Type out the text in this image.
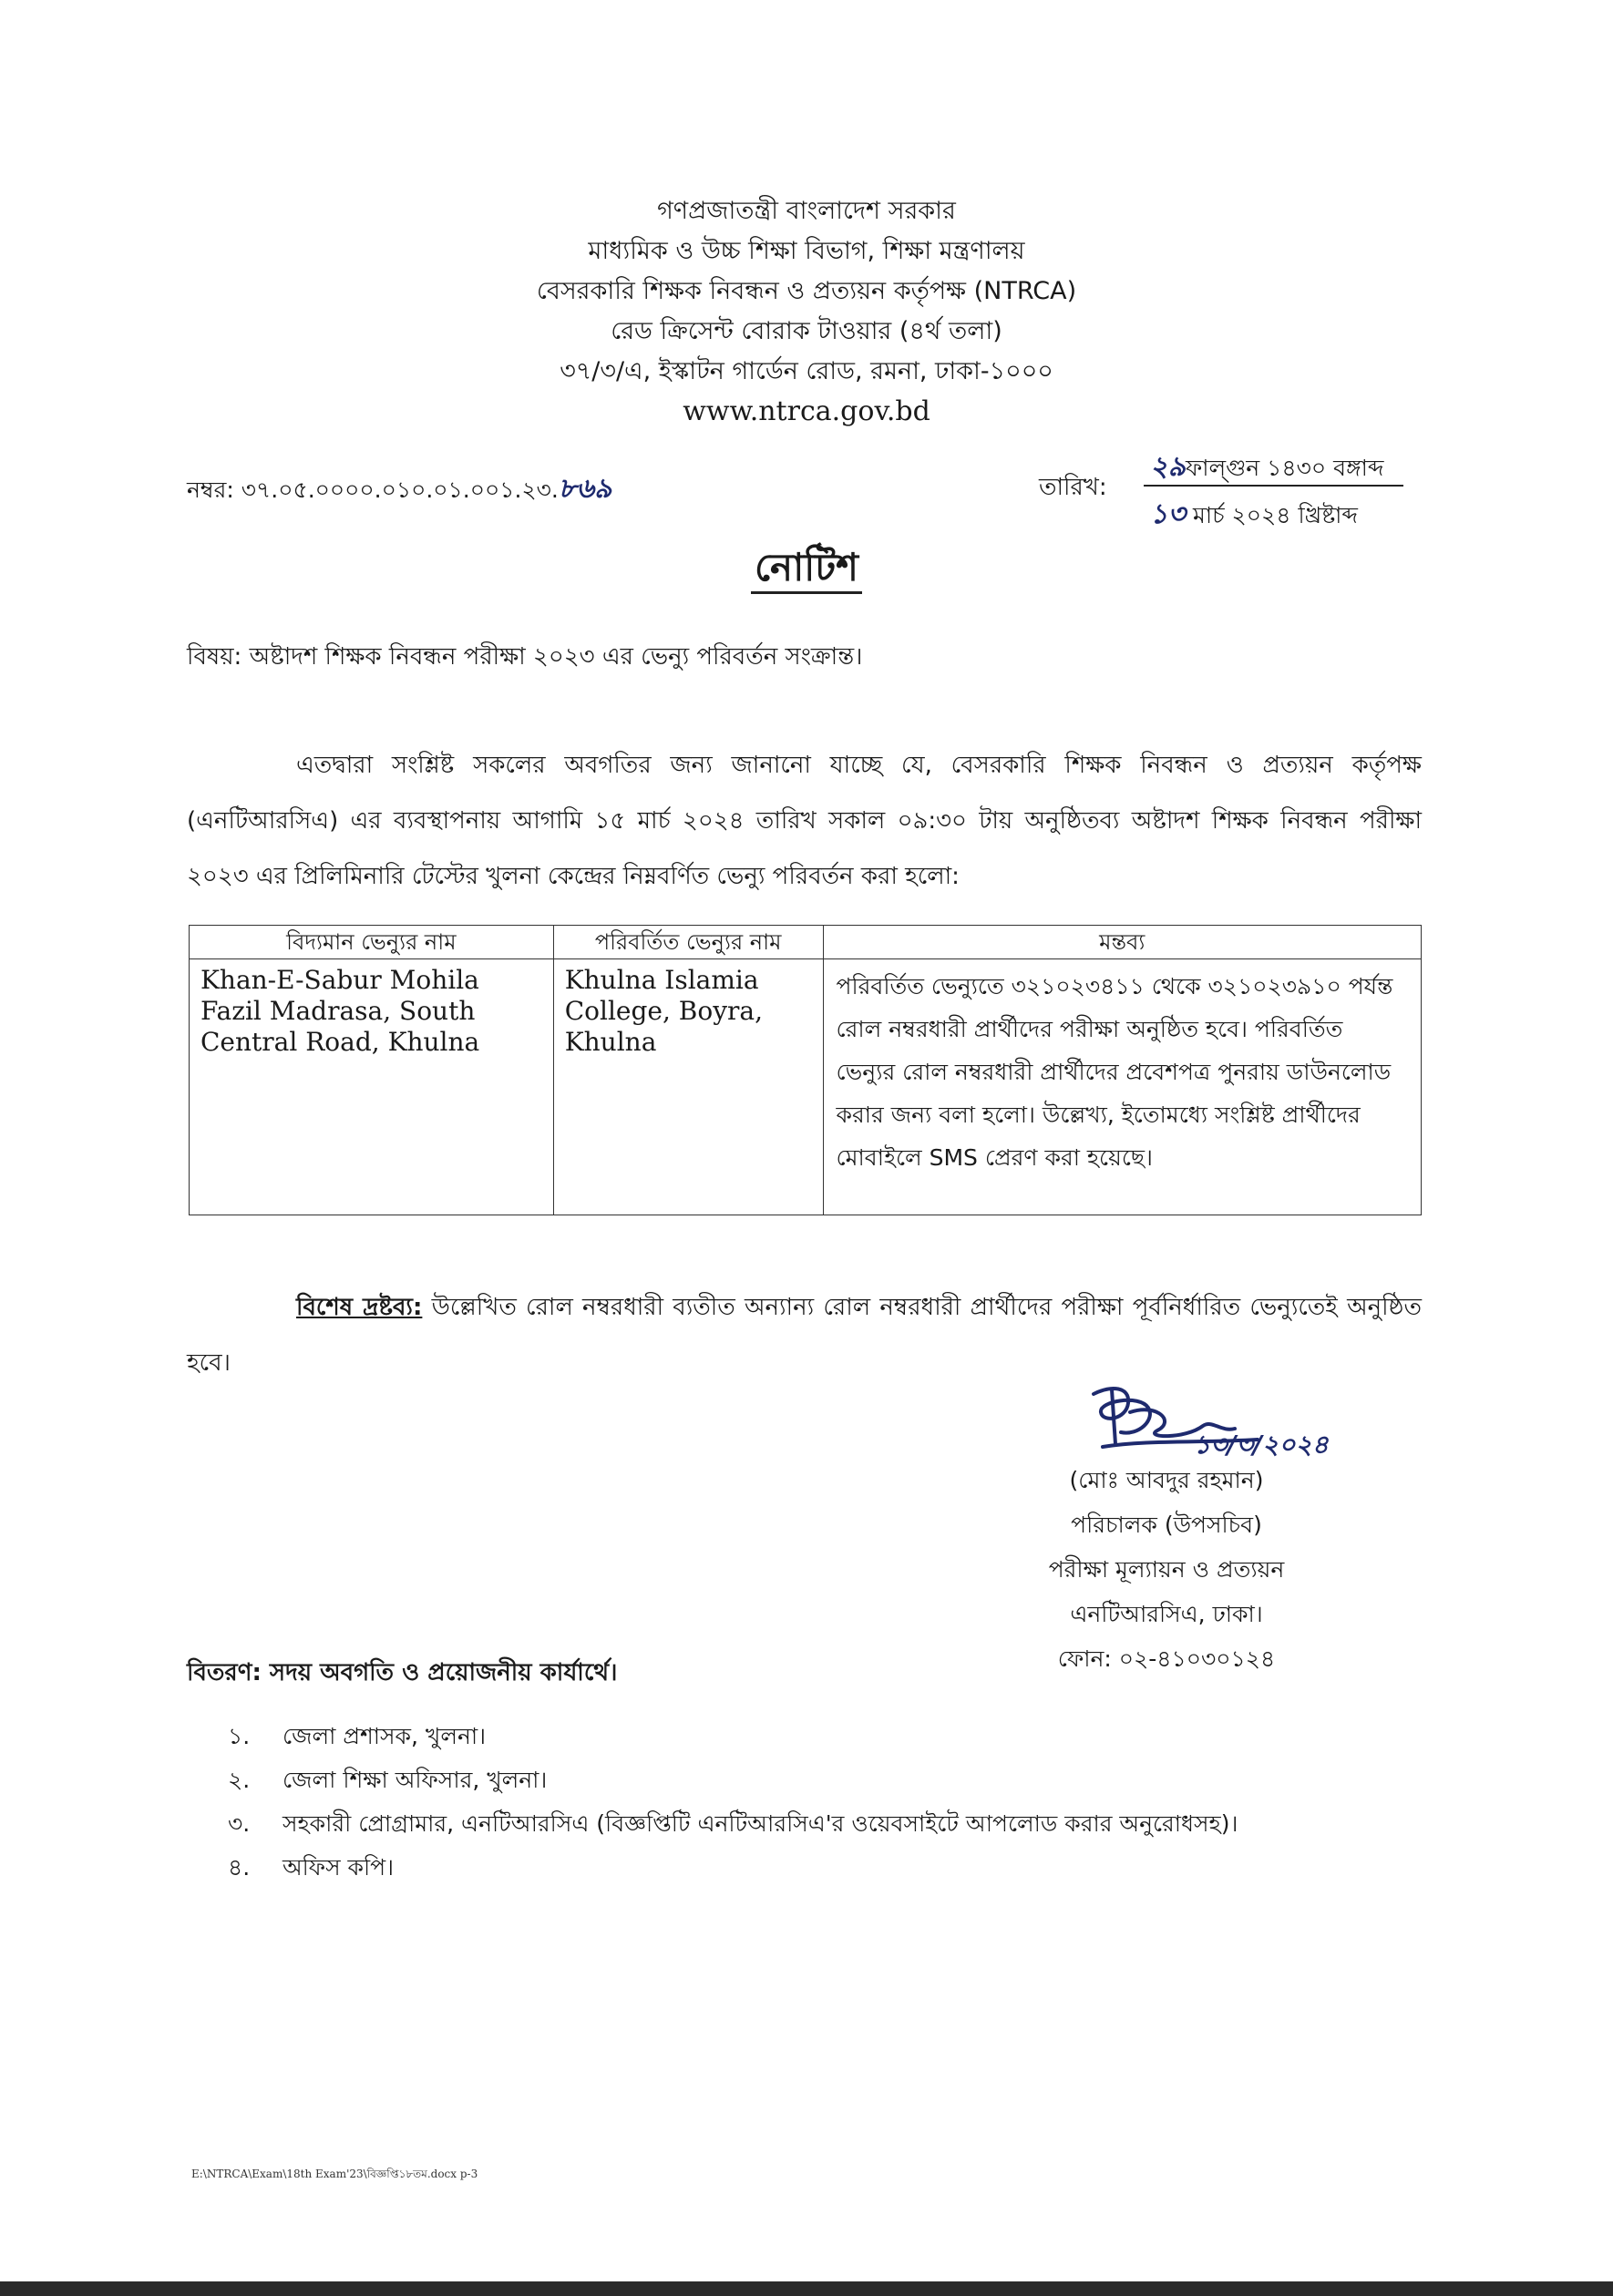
গণপ্রজাতন্ত্রী বাংলাদেশ সরকার
মাধ্যমিক ও উচ্চ শিক্ষা বিভাগ, শিক্ষা মন্ত্রণালয়
বেসরকারি শিক্ষক নিবন্ধন ও প্রত্যয়ন কর্তৃপক্ষ (NTRCA)
রেড ক্রিসেন্ট বোরাক টাওয়ার (৪র্থ তলা)
৩৭/৩/এ, ইস্কাটন গার্ডেন রোড, রমনা, ঢাকা-১০০০
www.ntrca.gov.bd
নম্বর: ৩৭.০৫.০০০০.০১০.০১.০০১.২৩.৮৬৯	তারিখ:
২৯ফাল্গুন ১৪৩০ বঙ্গাব্দ
১৩ মার্চ ২০২৪ খ্রিষ্টাব্দ
নোটিশ
বিষয়: অষ্টাদশ শিক্ষক নিবন্ধন পরীক্ষা ২০২৩ এর ভেন্যু পরিবর্তন সংক্রান্ত।

এতদ্বারা সংশ্লিষ্ট সকলের অবগতির জন্য জানানো যাচ্ছে যে, বেসরকারি শিক্ষক নিবন্ধন ও প্রত্যয়ন কর্তৃপক্ষ (এনটিআরসিএ) এর ব্যবস্থাপনায় আগামি ১৫ মার্চ ২০২৪ তারিখ সকাল ০৯:৩০ টায় অনুষ্ঠিতব্য অষ্টাদশ শিক্ষক নিবন্ধন পরীক্ষা ২০২৩ এর প্রিলিমিনারি টেস্টের খুলনা কেন্দ্রের নিম্নবর্ণিত ভেন্যু পরিবর্তন করা হলো:

বিদ্যমান ভেন্যুর নাম	পরিবর্তিত ভেন্যুর নাম	মন্তব্য
Khan-E-Sabur Mohila Fazil Madrasa, South Central Road, Khulna	Khulna Islamia College, Boyra, Khulna	পরিবর্তিত ভেন্যুতে ৩২১০২৩৪১১ থেকে ৩২১০২৩৯১০ পর্যন্ত রোল নম্বরধারী প্রার্থীদের পরীক্ষা অনুষ্ঠিত হবে। পরিবর্তিত ভেন্যুর রোল নম্বরধারী প্রার্থীদের প্রবেশপত্র পুনরায় ডাউনলোড করার জন্য বলা হলো। উল্লেখ্য, ইতোমধ্যে সংশ্লিষ্ট প্রার্থীদের মোবাইলে SMS প্রেরণ করা হয়েছে।

বিশেষ দ্রষ্টব্য: উল্লেখিত রোল নম্বরধারী ব্যতীত অন্যান্য রোল নম্বরধারী প্রার্থীদের পরীক্ষা পূর্বনির্ধারিত ভেন্যুতেই অনুষ্ঠিত হবে।

১৩/৩/২০২৪
(মোঃ আবদুর রহমান)
পরিচালক (উপসচিব)
পরীক্ষা মূল্যায়ন ও প্রত্যয়ন
এনটিআরসিএ, ঢাকা।
ফোন: ০২-৪১০৩০১২৪
বিতরণ: সদয় অবগতি ও প্রয়োজনীয় কার্যার্থে।
১. জেলা প্রশাসক, খুলনা।
২. জেলা শিক্ষা অফিসার, খুলনা।
৩. সহকারী প্রোগ্রামার, এনটিআরসিএ (বিজ্ঞপ্তিটি এনটিআরসিএ'র ওয়েবসাইটে আপলোড করার অনুরোধসহ)।
৪. অফিস কপি।
E:\NTRCA\Exam\18th Exam'23\বিজ্ঞপ্তি১৮তম.docx p-3
